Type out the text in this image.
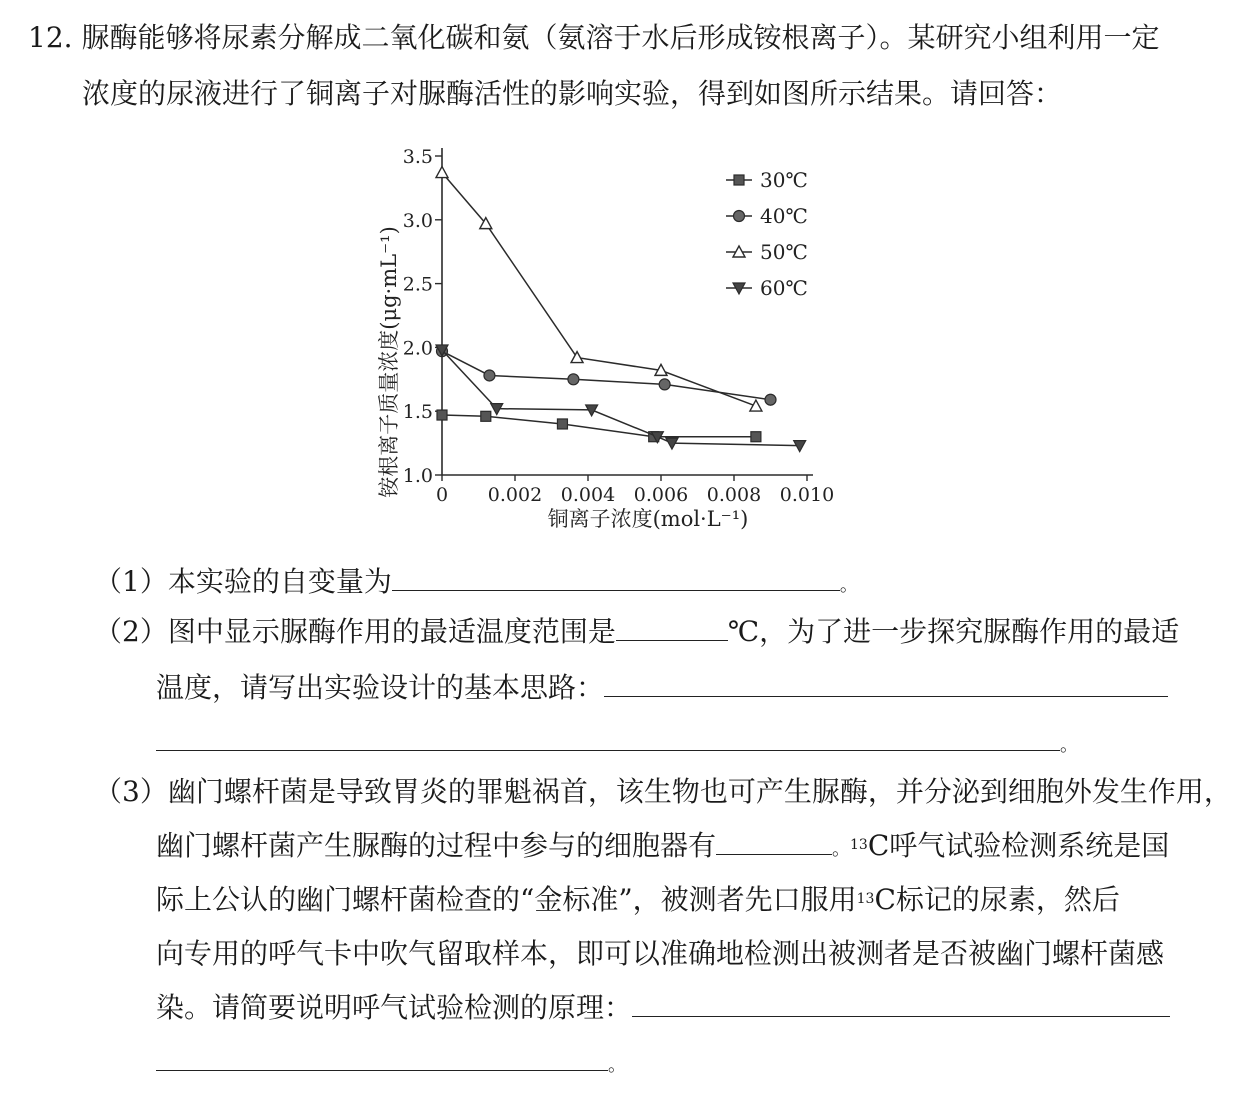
12. 脲酶能够将尿素分解成二氧化碳和氨（氨溶于水后形成铵根离子）。某研究小组利用一定
浓度的尿液进行了铜离子对脲酶活性的影响实验，得到如图所示结果。请回答：
1.0
1.5
2.0
2.5
3.0
3.5
0 0.002 0.004 0.006 0.008 0.010
30℃
40℃
50℃
60℃
铵根离子质量浓度(μg·mL⁻¹)
铜离子浓度(mol·L⁻¹)
（1）本实验的自变量为	。
（2）图中显示脲酶作用的最适温度范围是	℃，为了进一步探究脲酶作用的最适
温度，请写出实验设计的基本思路：
。
（3）幽门螺杆菌是导致胃炎的罪魁祸首，该生物也可产生脲酶，并分泌到细胞外发生作用，
幽门螺杆菌产生脲酶的过程中参与的细胞器有	。$^{13}$C呼气试验检测系统是国
际上公认的幽门螺杆菌检查的“金标准”，被测者先口服用$^{13}$C标记的尿素，然后
向专用的呼气卡中吹气留取样本，即可以准确地检测出被测者是否被幽门螺杆菌感
染。请简要说明呼气试验检测的原理：
。
